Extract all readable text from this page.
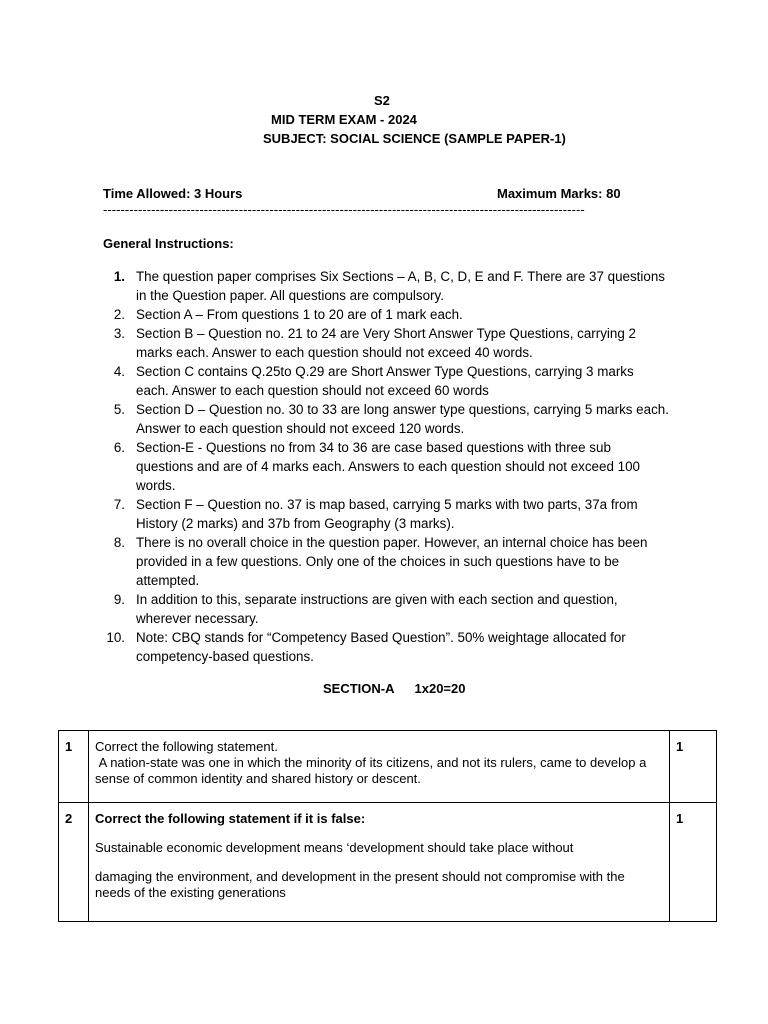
S2
MID TERM EXAM - 2024
SUBJECT: SOCIAL SCIENCE (SAMPLE PAPER-1)
Time Allowed: 3 Hours	Maximum Marks: 80
--------------------------------------------------------------------------------------------------------------
General Instructions:
1. The question paper comprises Six Sections – A, B, C, D, E and F. There are 37 questions in the Question paper. All questions are compulsory.
2. Section A – From questions 1 to 20 are of 1 mark each.
3. Section B – Question no. 21 to 24 are Very Short Answer Type Questions, carrying 2 marks each. Answer to each question should not exceed 40 words.
4. Section C contains Q.25to Q.29 are Short Answer Type Questions, carrying 3 marks each. Answer to each question should not exceed 60 words
5. Section D – Question no. 30 to 33 are long answer type questions, carrying 5 marks each. Answer to each question should not exceed 120 words.
6. Section-E - Questions no from 34 to 36 are case based questions with three sub questions and are of 4 marks each. Answers to each question should not exceed 100 words.
7. Section F – Question no. 37 is map based, carrying 5 marks with two parts, 37a from History (2 marks) and 37b from Geography (3 marks).
8. There is no overall choice in the question paper. However, an internal choice has been provided in a few questions. Only one of the choices in such questions have to be attempted.
9. In addition to this, separate instructions are given with each section and question, wherever necessary.
10. Note: CBQ stands for “Competency Based Question”. 50% weightage allocated for competency-based questions.
SECTION-A 1x20=20
1	Correct the following statement.

A nation-state was one in which the minority of its citizens, and not its rulers, came to develop a sense of common identity and shared history or descent.	1
2	Correct the following statement if it is false:

Sustainable economic development means ‘development should take place without

damaging the environment, and development in the present should not compromise with the needs of the existing generations	1
